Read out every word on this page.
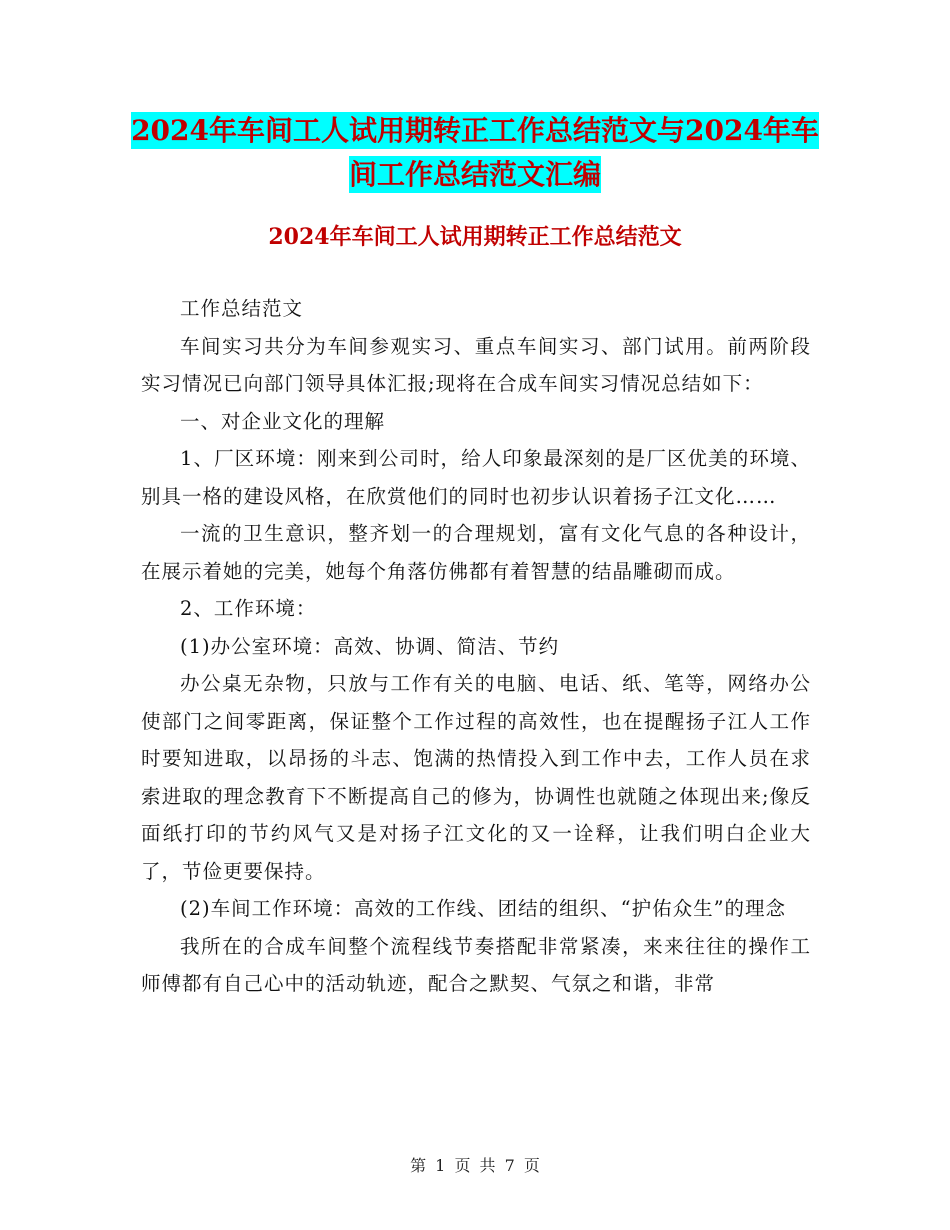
2024年车间工人试用期转正工作总结范文与2024年车
间工作总结范文汇编
2024年车间工人试用期转正工作总结范文

工作总结范文

车间实习共分为车间参观实习、重点车间实习、部门试用。前两阶段实习情况已向部门领导具体汇报;现将在合成车间实习情况总结如下：

一、对企业文化的理解

1、厂区环境：刚来到公司时，给人印象最深刻的是厂区优美的环境、别具一格的建设风格，在欣赏他们的同时也初步认识着扬子江文化……

一流的卫生意识，整齐划一的合理规划，富有文化气息的各种设计，在展示着她的完美，她每个角落仿佛都有着智慧的结晶雕砌而成。

2、工作环境：

(1)办公室环境：高效、协调、简洁、节约

办公桌无杂物，只放与工作有关的电脑、电话、纸、笔等，网络办公使部门之间零距离，保证整个工作过程的高效性，也在提醒扬子江人工作时要知进取，以昂扬的斗志、饱满的热情投入到工作中去，工作人员在求索进取的理念教育下不断提高自己的修为，协调性也就随之体现出来;像反面纸打印的节约风气又是对扬子江文化的又一诠释，让我们明白企业大了，节俭更要保持。

(2)车间工作环境：高效的工作线、团结的组织、“护佑众生”的理念

我所在的合成车间整个流程线节奏搭配非常紧凑，来来往往的操作工师傅都有自己心中的活动轨迹，配合之默契、气氛之和谐，非常

第 1 页 共 7 页
